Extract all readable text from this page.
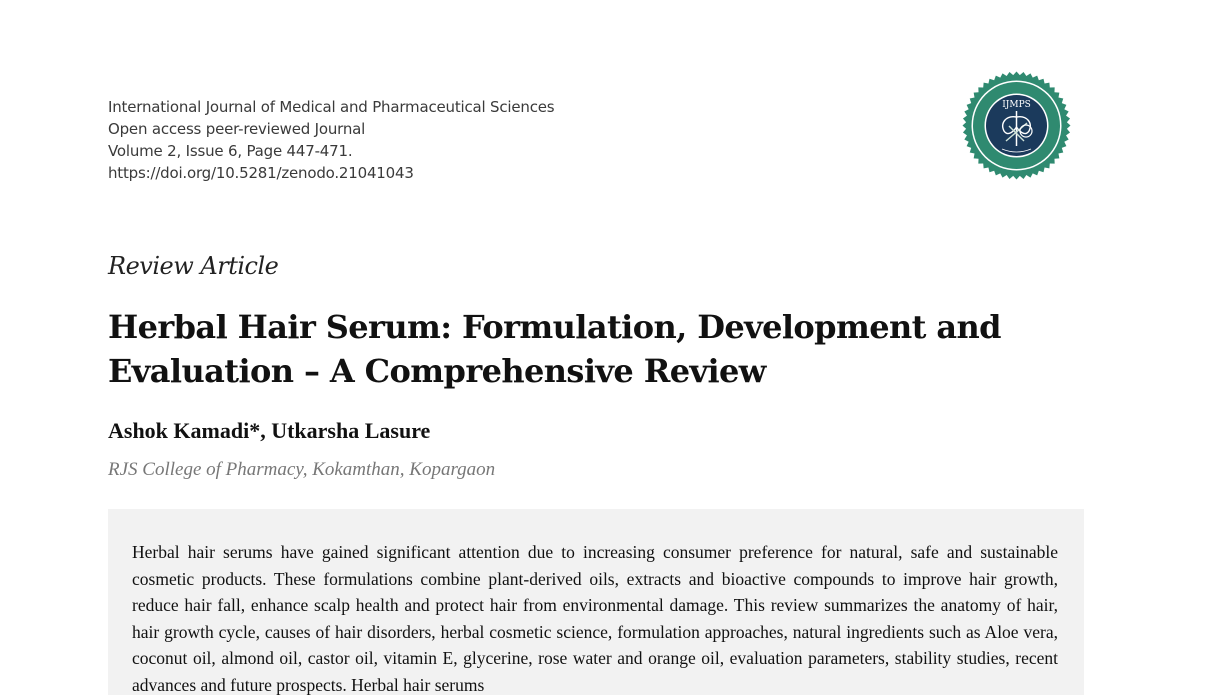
International Journal of Medical and Pharmaceutical Sciences
Open access peer-reviewed Journal
Volume 2, Issue 6, Page 447-471.
https://doi.org/10.5281/zenodo.21041043
IJMPS
Review Article
Herbal Hair Serum: Formulation, Development and
Evaluation – A Comprehensive Review
Ashok Kamadi*, Utkarsha Lasure
RJS College of Pharmacy, Kokamthan, Kopargaon

Herbal hair serums have gained significant attention due to increasing consumer preference for natural, safe and sustainable cosmetic products. These formulations combine plant-derived oils, extracts and bioactive compounds to improve hair growth, reduce hair fall, enhance scalp health and protect hair from environmental damage. This review summarizes the anatomy of hair, hair growth cycle, causes of hair disorders, herbal cosmetic science, formulation approaches, natural ingredients such as Aloe vera, coconut oil, almond oil, castor oil, vitamin E, glycerine, rose water and orange oil, evaluation parameters, stability studies, recent advances and future prospects. Herbal hair serums
